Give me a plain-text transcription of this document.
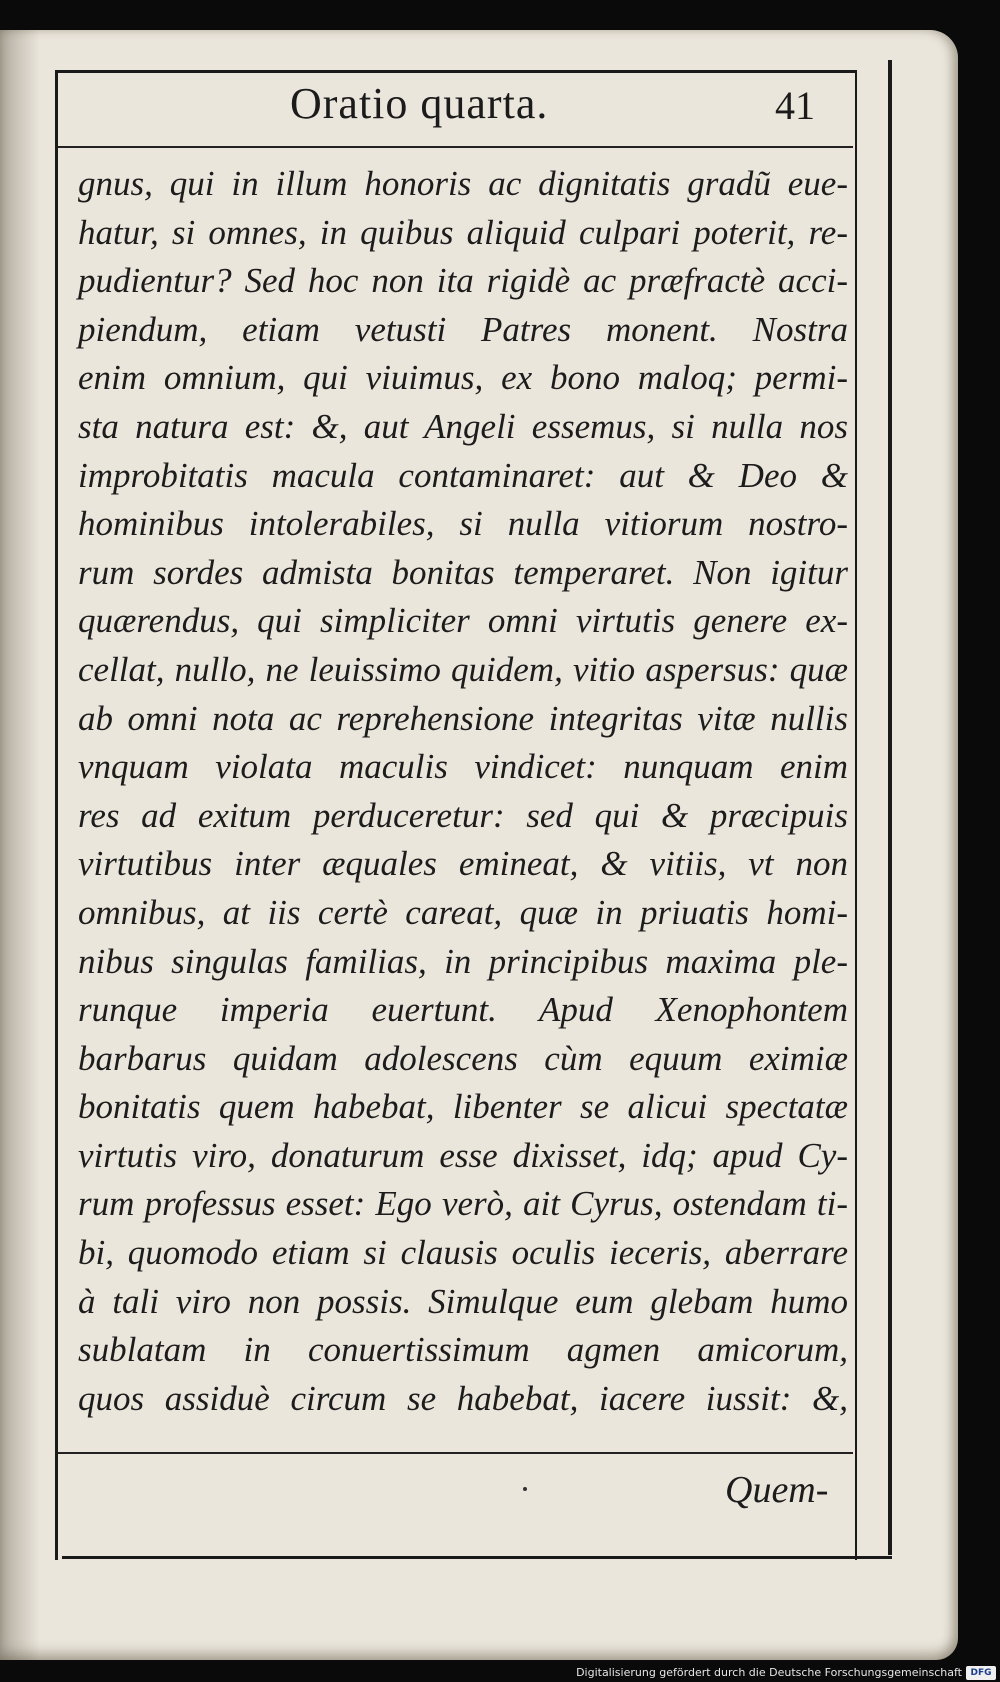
Oratio quarta.	41
gnus, qui in illum honoris ac dignitatis gradũ eue-
hatur, si omnes, in quibus aliquid culpari poterit, re-
pudientur? Sed hoc non ita rigidè ac præfractè acci-
piendum, etiam vetusti Patres monent. Nostra
enim omnium, qui viuimus, ex bono maloq; permi-
sta natura est: &, aut Angeli essemus, si nulla nos
improbitatis macula contaminaret: aut & Deo &
hominibus intolerabiles, si nulla vitiorum nostro-
rum sordes admista bonitas temperaret. Non igitur
quærendus, qui simpliciter omni virtutis genere ex-
cellat, nullo, ne leuissimo quidem, vitio aspersus: quæ
ab omni nota ac reprehensione integritas vitæ nullis
vnquam violata maculis vindicet: nunquam enim
res ad exitum perduceretur: sed qui & præcipuis
virtutibus inter æquales emineat, & vitiis, vt non
omnibus, at iis certè careat, quæ in priuatis homi-
nibus singulas familias, in principibus maxima ple-
runque imperia euertunt. Apud Xenophontem
barbarus quidam adolescens cùm equum eximiæ
bonitatis quem habebat, libenter se alicui spectatæ
virtutis viro, donaturum esse dixisset, idq; apud Cy-
rum professus esset: Ego verò, ait Cyrus, ostendam ti-
bi, quomodo etiam si clausis oculis ieceris, aberrare
à tali viro non possis. Simulque eum glebam humo
sublatam in conuertissimum agmen amicorum,
quos assiduè circum se habebat, iacere iussit: &,
Quem-
Digitalisierung gefördert durch die Deutsche Forschungsgemeinschaft DFG
